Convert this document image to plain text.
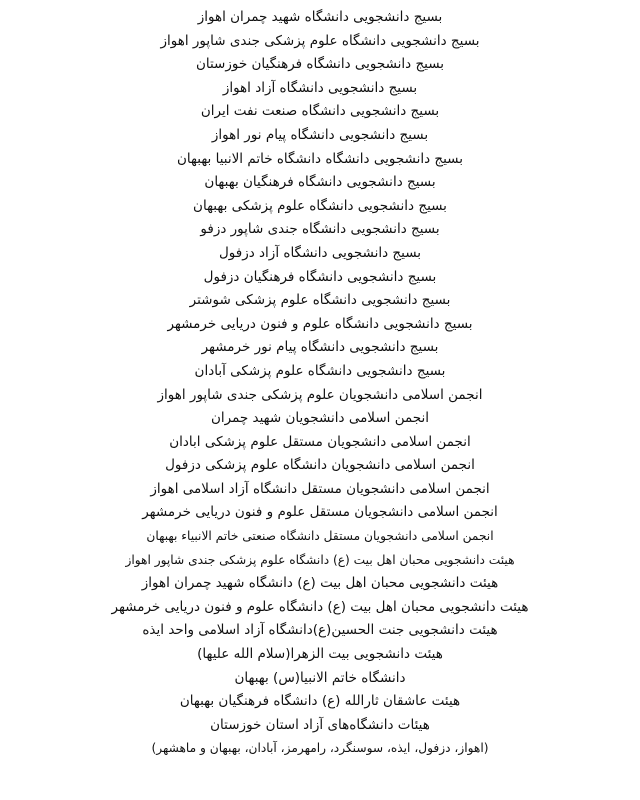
بسیج دانشجویی دانشگاه شهید چمران اهواز
بسیج دانشجویی دانشگاه علوم پزشکی جندی شاپور اهواز
بسیج دانشجویی دانشگاه فرهنگیان خوزستان
بسیج دانشجویی دانشگاه آزاد اهواز
بسیج دانشجویی دانشگاه صنعت نفت ایران
بسیج دانشجویی دانشگاه پیام نور اهواز
بسیج دانشجویی دانشگاه دانشگاه خاتم الانبیا بهبهان
بسیج دانشجویی دانشگاه فرهنگیان بهبهان
بسیج دانشجویی دانشگاه علوم پزشکی بهبهان
بسیج دانشجویی دانشگاه جندی شاپور دزفو
بسیج دانشجویی دانشگاه آزاد دزفول
بسیج دانشجویی دانشگاه فرهنگیان دزفول
بسیج دانشجویی دانشگاه علوم پزشکی شوشتر
بسیج دانشجویی دانشگاه علوم و فنون دریایی خرمشهر
بسیج دانشجویی دانشگاه پیام نور خرمشهر
بسیج دانشجویی دانشگاه علوم پزشکی آبادان
انجمن اسلامی دانشجویان علوم پزشکی جندی شاپور اهواز
انجمن اسلامی دانشجویان شهید چمران
انجمن اسلامی دانشجویان مستقل علوم پزشکی ابادان
انجمن اسلامی دانشجویان دانشگاه علوم پزشکی دزفول
انجمن اسلامی دانشجویان مستقل دانشگاه آزاد اسلامی اهواز
انجمن اسلامی دانشجویان مستقل علوم و فنون دریایی خرمشهر
انجمن اسلامی دانشجویان مستقل دانشگاه صنعتی خاتم الانبیاء بهبهان
هیئت دانشجویی محبان اهل بیت (ع) دانشگاه علوم پزشکی جندی شاپور اهواز
هیئت دانشجویی محبان اهل بیت (ع) دانشگاه شهید چمران اهواز
هیئت دانشجویی محبان اهل بیت (ع) دانشگاه علوم و فنون دریایی خرمشهر
هیئت دانشجویی جنت الحسین(ع)دانشگاه آزاد اسلامی واحد ایذه
هیئت دانشجویی بیت الزهرا(سلام الله علیها)
دانشگاه خاتم الانبیا(س) بهبهان
هیئت عاشقان ثارالله (ع) دانشگاه فرهنگیان بهبهان
هیئات دانشگاه‌های آزاد استان خوزستان
(اهواز، دزفول، ایذه، سوسنگرد، رامهرمز، آبادان، بهبهان و ماهشهر)
